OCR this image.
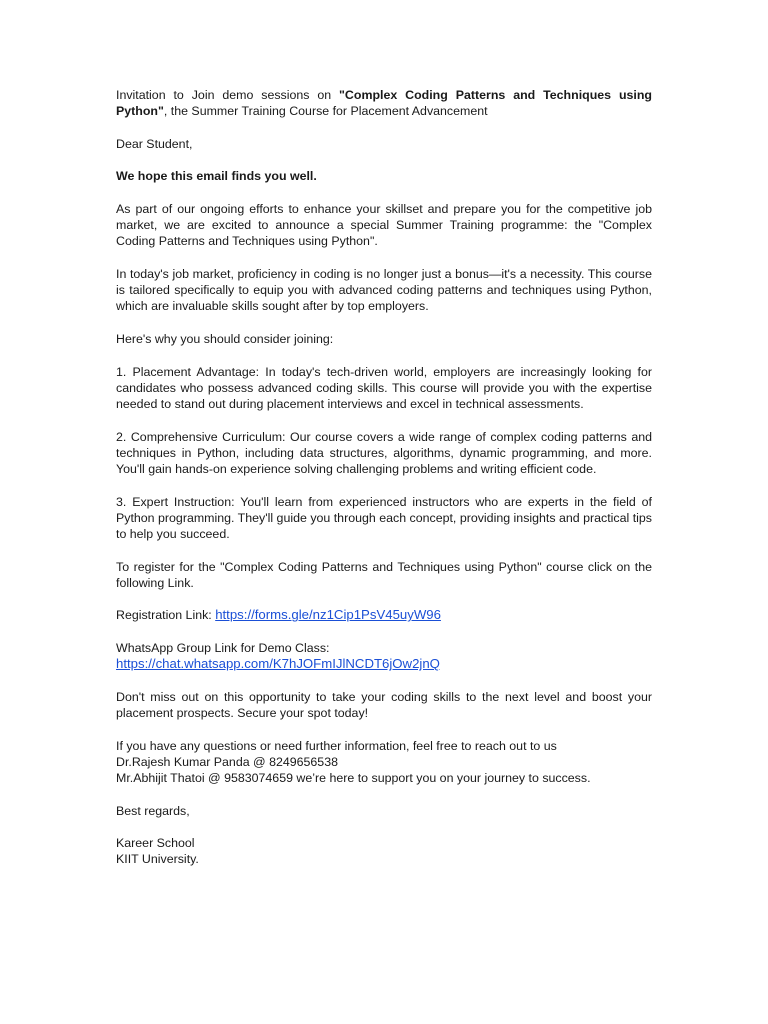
Invitation to Join demo sessions on "Complex Coding Patterns and Techniques using Python", the Summer Training Course for Placement Advancement

Dear Student,

We hope this email finds you well.

As part of our ongoing efforts to enhance your skillset and prepare you for the competitive job market, we are excited to announce a special Summer Training programme: the "Complex Coding Patterns and Techniques using Python".

In today's job market, proficiency in coding is no longer just a bonus—it's a necessity. This course is tailored specifically to equip you with advanced coding patterns and techniques using Python, which are invaluable skills sought after by top employers.

Here's why you should consider joining:

1. Placement Advantage: In today's tech-driven world, employers are increasingly looking for candidates who possess advanced coding skills. This course will provide you with the expertise needed to stand out during placement interviews and excel in technical assessments.

2. Comprehensive Curriculum: Our course covers a wide range of complex coding patterns and techniques in Python, including data structures, algorithms, dynamic programming, and more. You'll gain hands-on experience solving challenging problems and writing efficient code.

3. Expert Instruction: You'll learn from experienced instructors who are experts in the field of Python programming. They'll guide you through each concept, providing insights and practical tips to help you succeed.

To register for the "Complex Coding Patterns and Techniques using Python" course click on the following Link.

Registration Link: https://forms.gle/nz1Cip1PsV45uyW96

WhatsApp Group Link for Demo Class:
https://chat.whatsapp.com/K7hJOFmIJlNCDT6jOw2jnQ

Don't miss out on this opportunity to take your coding skills to the next level and boost your placement prospects. Secure your spot today!

If you have any questions or need further information, feel free to reach out to us
Dr.Rajesh Kumar Panda @ 8249656538
Mr.Abhijit Thatoi @ 9583074659 we’re here to support you on your journey to success.

Best regards,

Kareer School
KIIT University.
